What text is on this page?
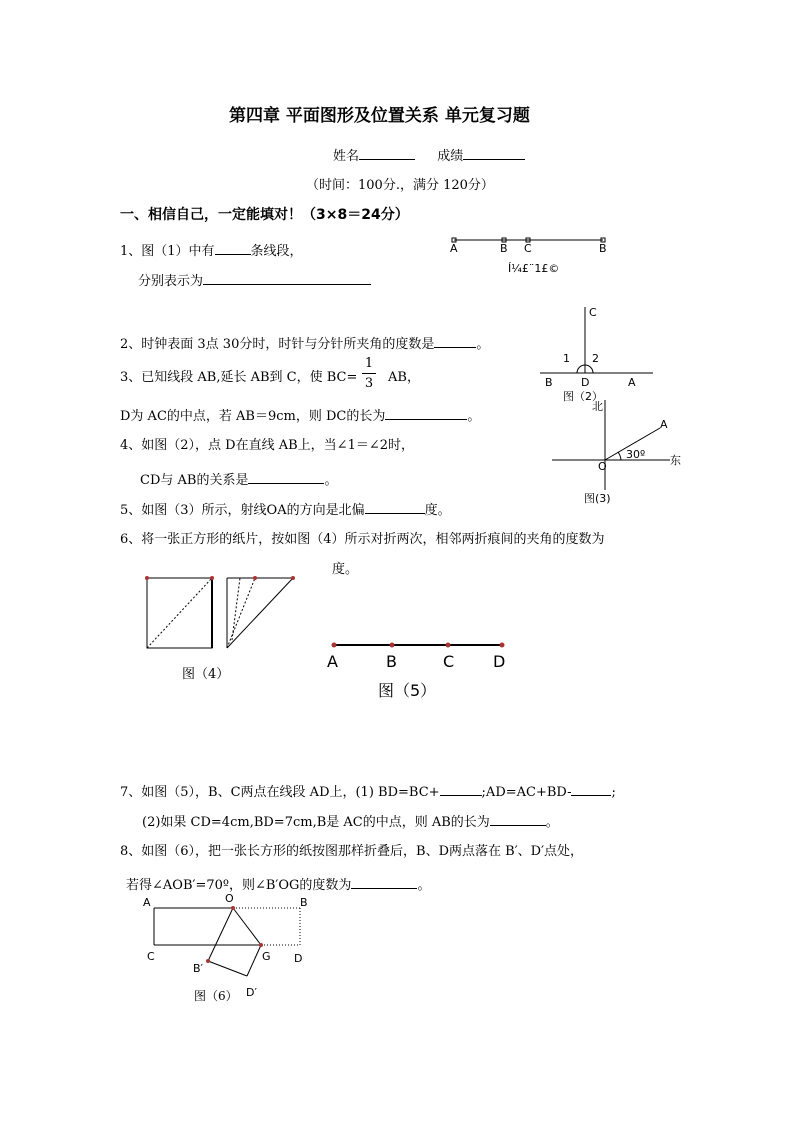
第四章 平面图形及位置关系 单元复习题
姓名	成绩
（时间：100分.，满分 120分）
一、相信自己，一定能填对！（3×8＝24分）
1、图（1）中有	条线段，
分别表示为
2、时钟表面 3点 30分时，时针与分针所夹角的度数是	。
3、已知线段 AB,延长 AB到 C，使 BC=
1
3 AB，
D为 AC的中点，若 AB＝9cm，则 DC的长为	。
4、如图（2），点 D在直线 AB上，当∠1＝∠2时，
CD与 AB的关系是	。
5、如图（3）所示，射线OA的方向是北偏	度。
6、将一张正方形的纸片，按如图（4）所示对折两次，相邻两折痕间的夹角的度数为
度。
7、如图（5），B、C两点在线段 AD上，(1) BD=BC+	;AD=AC+BD-	;
(2)如果 CD=4cm,BD=7cm,B是 AC的中点，则 AB的长为	。
8、如图（6），把一张长方形的纸按图那样折叠后，B、D两点落在 B′、D′点处，
若得∠AOB′=70º，则∠B′OG的度数为	。
A	B C	B
Í¼£¨1£©
C
1 2
B	D	A
图（2）
北
A
O
30º 东
图(3)
图（4）
A	B	C D
图（5）
A	O	B
C	G D
B′
D′
图（6）
